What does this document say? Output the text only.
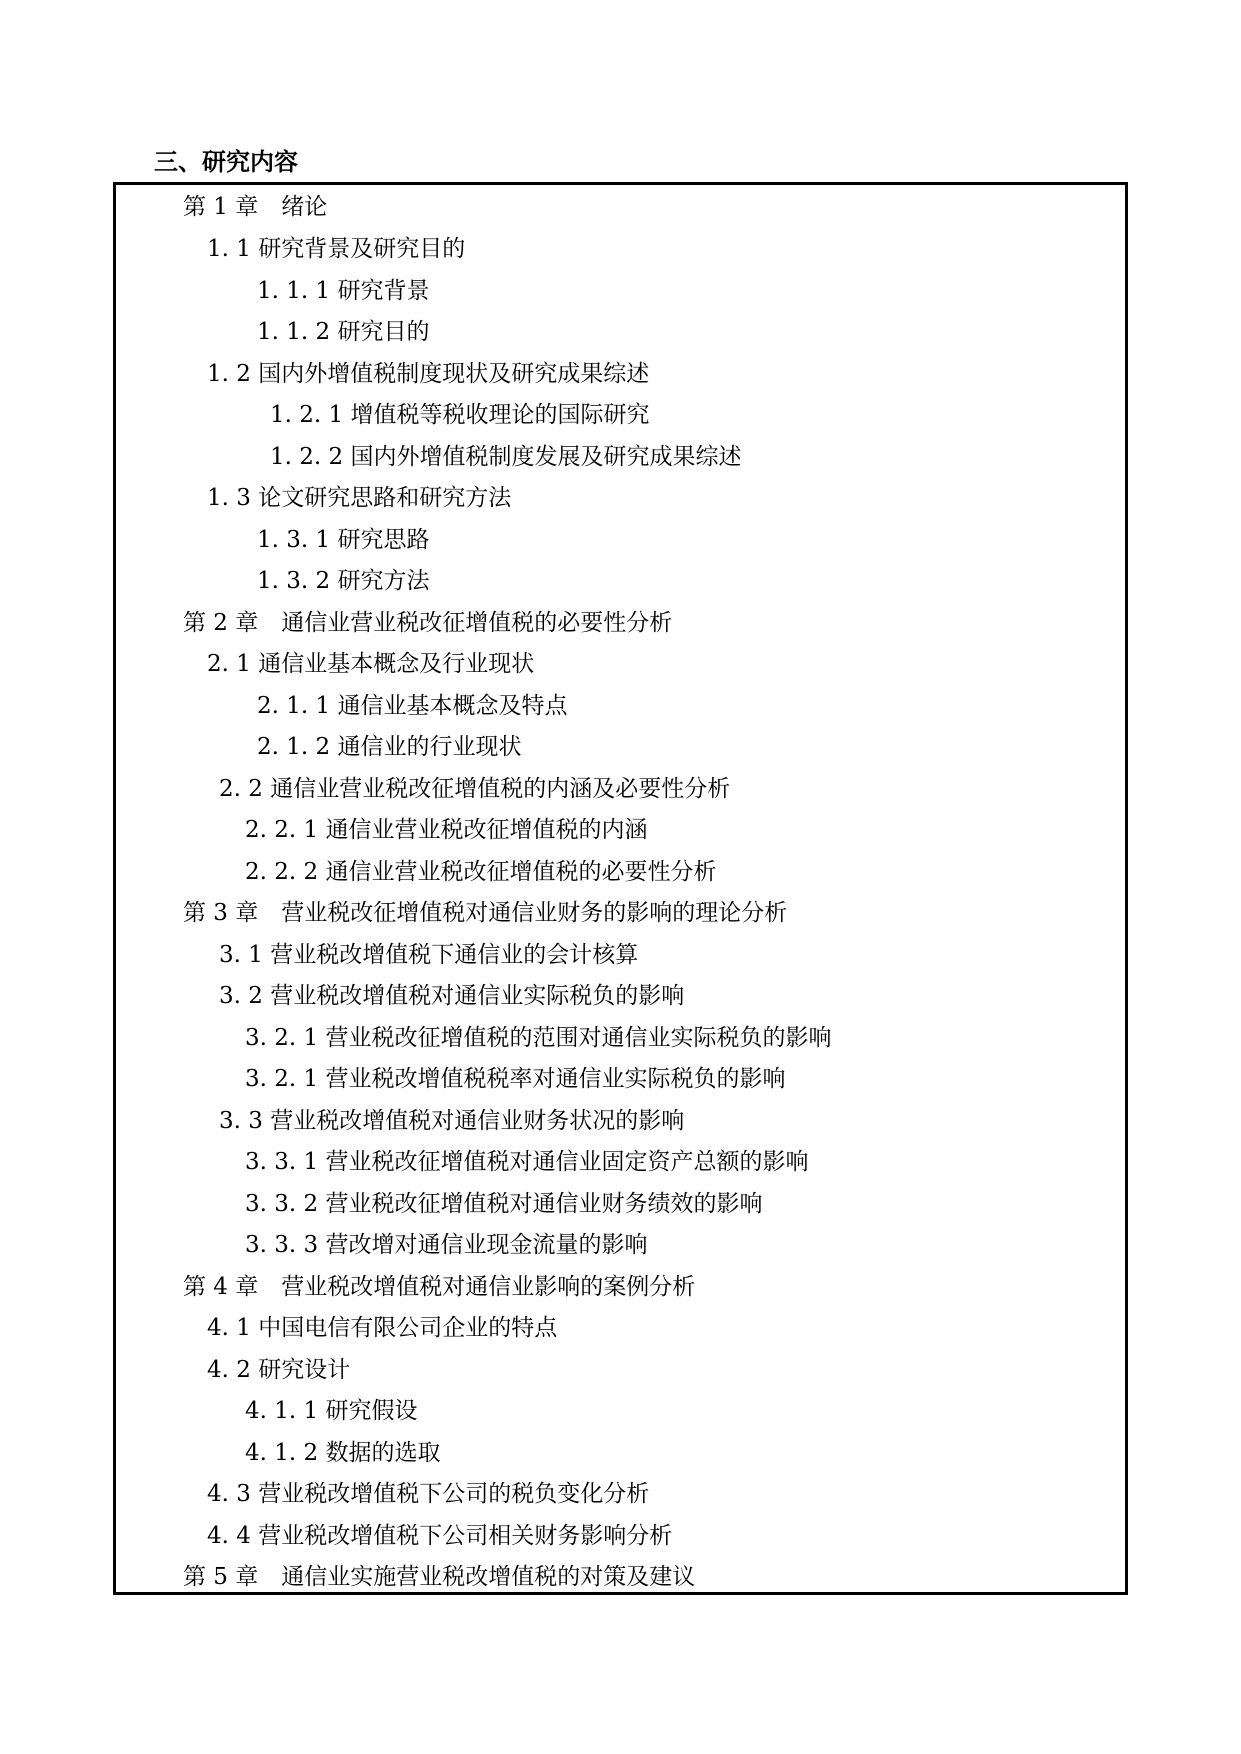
三、研究内容
第 1 章　绪论
1. 1 研究背景及研究目的
1. 1. 1 研究背景
1. 1. 2 研究目的
1. 2 国内外增值税制度现状及研究成果综述
1. 2. 1 增值税等税收理论的国际研究
1. 2. 2 国内外增值税制度发展及研究成果综述
1. 3 论文研究思路和研究方法
1. 3. 1 研究思路
1. 3. 2 研究方法
第 2 章　通信业营业税改征增值税的必要性分析
2. 1 通信业基本概念及行业现状
2. 1. 1 通信业基本概念及特点
2. 1. 2 通信业的行业现状
2. 2 通信业营业税改征增值税的内涵及必要性分析
2. 2. 1 通信业营业税改征增值税的内涵
2. 2. 2 通信业营业税改征增值税的必要性分析
第 3 章　营业税改征增值税对通信业财务的影响的理论分析
3. 1 营业税改增值税下通信业的会计核算
3. 2 营业税改增值税对通信业实际税负的影响
3. 2. 1 营业税改征增值税的范围对通信业实际税负的影响
3. 2. 1 营业税改增值税税率对通信业实际税负的影响
3. 3 营业税改增值税对通信业财务状况的影响
3. 3. 1 营业税改征增值税对通信业固定资产总额的影响
3. 3. 2 营业税改征增值税对通信业财务绩效的影响
3. 3. 3 营改增对通信业现金流量的影响
第 4 章　营业税改增值税对通信业影响的案例分析
4. 1 中国电信有限公司企业的特点
4. 2 研究设计
4. 1. 1 研究假设
4. 1. 2 数据的选取
4. 3 营业税改增值税下公司的税负变化分析
4. 4 营业税改增值税下公司相关财务影响分析
第 5 章　通信业实施营业税改增值税的对策及建议
